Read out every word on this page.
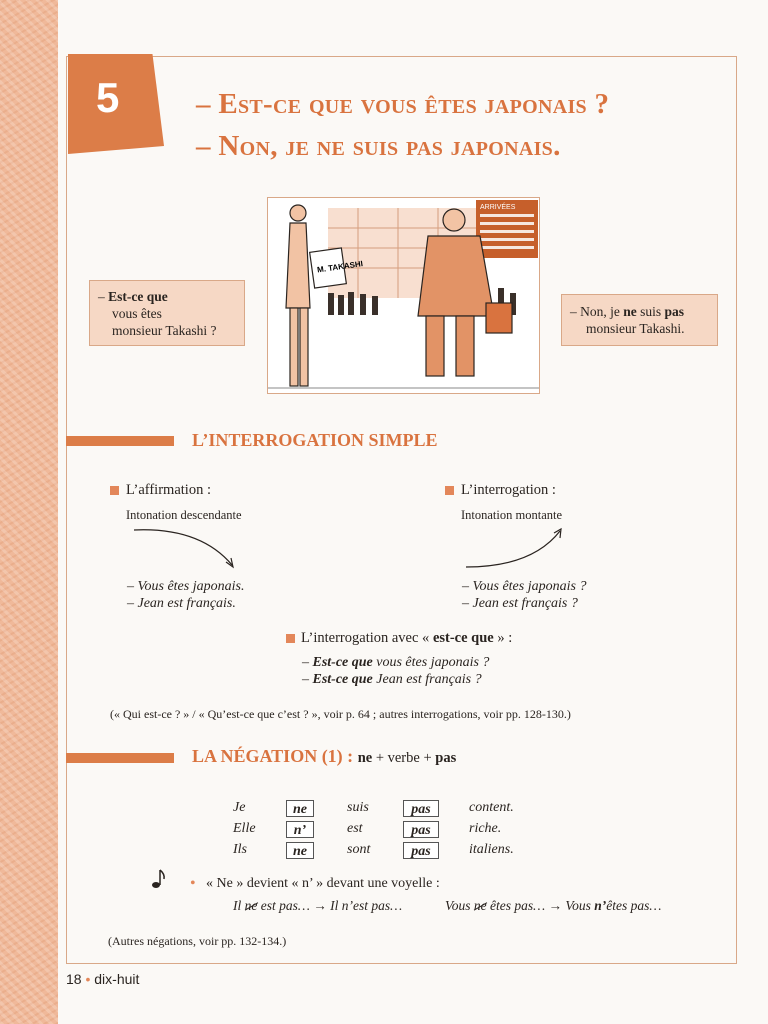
5	– Est-ce que vous êtes japonais ?
– Non, je ne suis pas japonais.
ARRIVÉES
M. TAKASHI
– Est-ce que
vous êtes
monsieur Takashi ?
– Non, je ne suis pas
monsieur Takashi.
L’INTERROGATION SIMPLE
L’affirmation :
Intonation descendante
– Vous êtes japonais.
– Jean est français.
L’interrogation :
Intonation montante
– Vous êtes japonais ?
– Jean est français ?
L’interrogation avec « est-ce que » :
– Est-ce que vous êtes japonais ?
– Est-ce que Jean est français ?
(« Qui est-ce ? » / « Qu’est-ce que c’est ? », voir p. 64 ; autres interrogations, voir pp. 128-130.)
LA NÉGATION (1) : ne + verbe + pas
Je	ne	suis	pas	content.
Elle	n’	est	pas	riche.
Ils	ne	sont	pas	italiens.
• « Ne » devient « n’ » devant une voyelle :
Il ne est pas… → Il n’est pas…	Vous ne êtes pas… → Vous n’êtes pas…
(Autres négations, voir pp. 132-134.)
18 • dix-huit
